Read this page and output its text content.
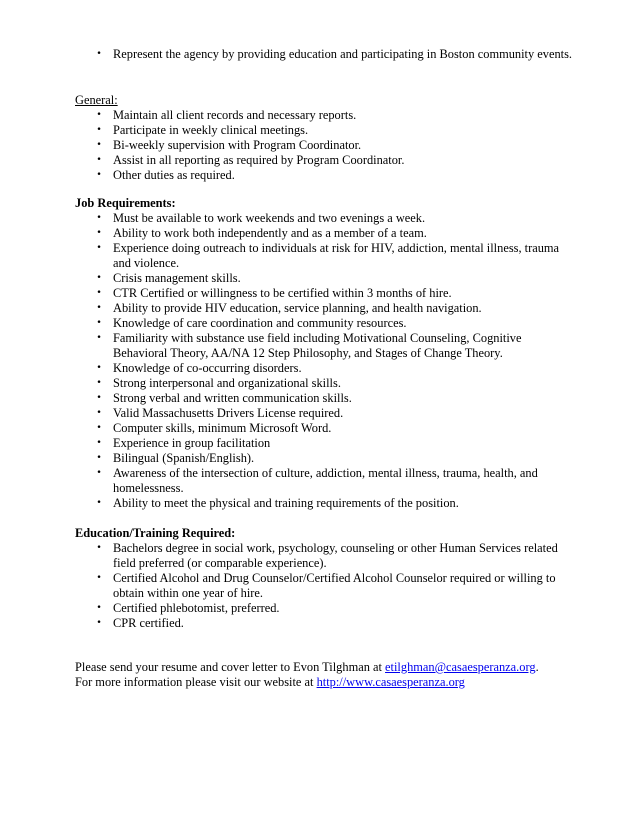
• Represent the agency by providing education and participating in Boston community events.

General:

• Maintain all client records and necessary reports.
• Participate in weekly clinical meetings.
• Bi-weekly supervision with Program Coordinator.
• Assist in all reporting as required by Program Coordinator.
• Other duties as required.

Job Requirements:

• Must be available to work weekends and two evenings a week.
• Ability to work both independently and as a member of a team.
• Experience doing outreach to individuals at risk for HIV, addiction, mental illness, trauma and violence.
• Crisis management skills.
• CTR Certified or willingness to be certified within 3 months of hire.
• Ability to provide HIV education, service planning, and health navigation.
• Knowledge of care coordination and community resources.
• Familiarity with substance use field including Motivational Counseling, Cognitive Behavioral Theory, AA/NA 12 Step Philosophy, and Stages of Change Theory.
• Knowledge of co-occurring disorders.
• Strong interpersonal and organizational skills.
• Strong verbal and written communication skills.
• Valid Massachusetts Drivers License required.
• Computer skills, minimum Microsoft Word.
• Experience in group facilitation
• Bilingual (Spanish/English).
• Awareness of the intersection of culture, addiction, mental illness, trauma, health, and homelessness.
• Ability to meet the physical and training requirements of the position.

Education/Training Required:

• Bachelors degree in social work, psychology, counseling or other Human Services related field preferred (or comparable experience).
• Certified Alcohol and Drug Counselor/Certified Alcohol Counselor required or willing to obtain within one year of hire.
• Certified phlebotomist, preferred.
• CPR certified.

Please send your resume and cover letter to Evon Tilghman at etilghman@casaesperanza.org.

For more information please visit our website at http://www.casaesperanza.org
